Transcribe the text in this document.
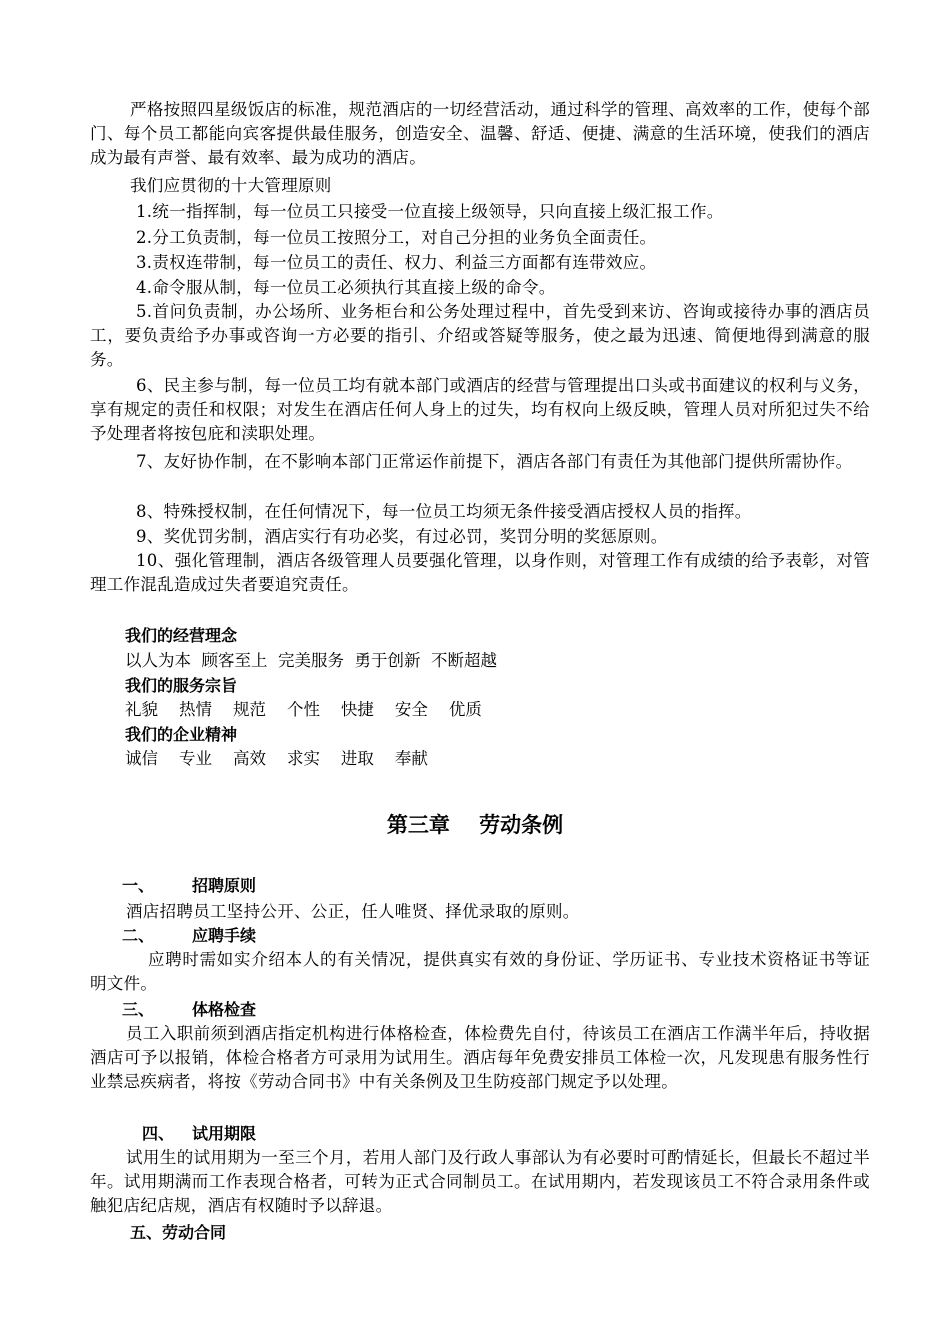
严格按照四星级饭店的标准，规范酒店的一切经营活动，通过科学的管理、高效率的工作，使每个部门、每个员工都能向宾客提供最佳服务，创造安全、温馨、舒适、便捷、满意的生活环境，使我们的酒店成为最有声誉、最有效率、最为成功的酒店。
我们应贯彻的十大管理原则
1.统一指挥制，每一位员工只接受一位直接上级领导，只向直接上级汇报工作。
2.分工负责制，每一位员工按照分工，对自己分担的业务负全面责任。
3.责权连带制，每一位员工的责任、权力、利益三方面都有连带效应。
4.命令服从制，每一位员工必须执行其直接上级的命令。
5.首问负责制，办公场所、业务柜台和公务处理过程中，首先受到来访、咨询或接待办事的酒店员工，要负责给予办事或咨询一方必要的指引、介绍或答疑等服务，使之最为迅速、简便地得到满意的服务。
6、民主参与制，每一位员工均有就本部门或酒店的经营与管理提出口头或书面建议的权利与义务，享有规定的责任和权限；对发生在酒店任何人身上的过失，均有权向上级反映，管理人员对所犯过失不给予处理者将按包庇和渎职处理。
7、友好协作制，在不影响本部门正常运作前提下，酒店各部门有责任为其他部门提供所需协作。
8、特殊授权制，在任何情况下，每一位员工均须无条件接受酒店授权人员的指挥。
9、奖优罚劣制，酒店实行有功必奖，有过必罚，奖罚分明的奖惩原则。
10、强化管理制，酒店各级管理人员要强化管理，以身作则，对管理工作有成绩的给予表彰，对管理工作混乱造成过失者要追究责任。
我们的经营理念
以人为本  顾客至上  完美服务  勇于创新  不断超越
我们的服务宗旨
礼貌    热情    规范    个性    快捷    安全    优质
我们的企业精神
诚信    专业    高效    求实    进取    奉献
第三章    劳动条例
一、 招聘原则
酒店招聘员工坚持公开、公正，任人唯贤、择优录取的原则。
二、 应聘手续
应聘时需如实介绍本人的有关情况，提供真实有效的身份证、学历证书、专业技术资格证书等证明文件。
三、 体格检查
员工入职前须到酒店指定机构进行体格检查，体检费先自付，待该员工在酒店工作满半年后，持收据酒店可予以报销，体检合格者方可录用为试用生。酒店每年免费安排员工体检一次，凡发现患有服务性行业禁忌疾病者，将按《劳动合同书》中有关条例及卫生防疫部门规定予以处理。
四、 试用期限
试用生的试用期为一至三个月，若用人部门及行政人事部认为有必要时可酌情延长，但最长不超过半年。试用期满而工作表现合格者，可转为正式合同制员工。在试用期内，若发现该员工不符合录用条件或触犯店纪店规，酒店有权随时予以辞退。
五、劳动合同
